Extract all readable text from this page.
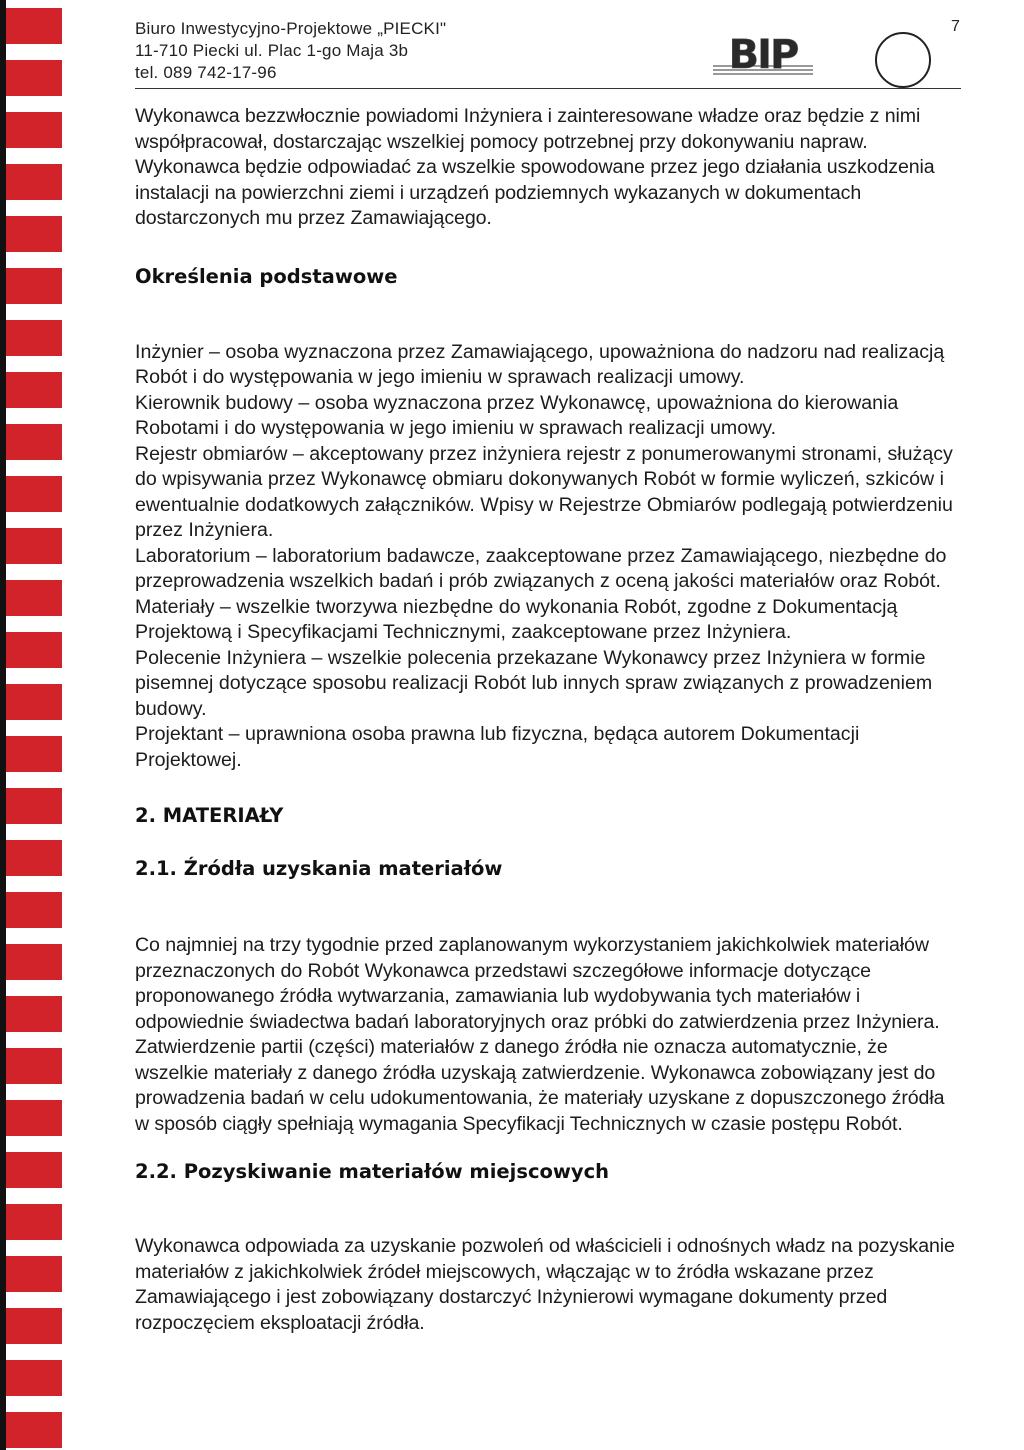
Biuro Inwestycyjno-Projektowe „PIECKI"
11-710 Piecki ul. Plac 1-go Maja 3b
tel. 089 742-17-96	BIP
7

Wykonawca bezzwłocznie powiadomi Inżyniera i zainteresowane władze oraz będzie z nimi współpracował, dostarczając wszelkiej pomocy potrzebnej przy dokonywaniu napraw. Wykonawca będzie odpowiadać za wszelkie spowodowane przez jego działania uszkodzenia instalacji na powierzchni ziemi i urządzeń podziemnych wykazanych w dokumentach dostarczonych mu przez Zamawiającego.

Określenia podstawowe

Inżynier – osoba wyznaczona przez Zamawiającego, upoważniona do nadzoru nad realizacją Robót i do występowania w jego imieniu w sprawach realizacji umowy.

Kierownik budowy – osoba wyznaczona przez Wykonawcę, upoważniona do kierowania Robotami i do występowania w jego imieniu w sprawach realizacji umowy.

Rejestr obmiarów – akceptowany przez inżyniera rejestr z ponumerowanymi stronami, służący do wpisywania przez Wykonawcę obmiaru dokonywanych Robót w formie wyliczeń, szkiców i ewentualnie dodatkowych załączników. Wpisy w Rejestrze Obmiarów podlegają potwierdzeniu przez Inżyniera.

Laboratorium – laboratorium badawcze, zaakceptowane przez Zamawiającego, niezbędne do przeprowadzenia wszelkich badań i prób związanych z oceną jakości materiałów oraz Robót.

Materiały – wszelkie tworzywa niezbędne do wykonania Robót, zgodne z Dokumentacją Projektową i Specyfikacjami Technicznymi, zaakceptowane przez Inżyniera.

Polecenie Inżyniera – wszelkie polecenia przekazane Wykonawcy przez Inżyniera w formie pisemnej dotyczące sposobu realizacji Robót lub innych spraw związanych z prowadzeniem budowy.

Projektant – uprawniona osoba prawna lub fizyczna, będąca autorem Dokumentacji Projektowej.

2. MATERIAŁY
2.1. Źródła uzyskania materiałów

Co najmniej na trzy tygodnie przed zaplanowanym wykorzystaniem jakichkolwiek materiałów przeznaczonych do Robót Wykonawca przedstawi szczegółowe informacje dotyczące proponowanego źródła wytwarzania, zamawiania lub wydobywania tych materiałów i odpowiednie świadectwa badań laboratoryjnych oraz próbki do zatwierdzenia przez Inżyniera. Zatwierdzenie partii (części) materiałów z danego źródła nie oznacza automatycznie, że wszelkie materiały z danego źródła uzyskają zatwierdzenie. Wykonawca zobowiązany jest do prowadzenia badań w celu udokumentowania, że materiały uzyskane z dopuszczonego źródła w sposób ciągły spełniają wymagania Specyfikacji Technicznych w czasie postępu Robót.

2.2. Pozyskiwanie materiałów miejscowych

Wykonawca odpowiada za uzyskanie pozwoleń od właścicieli i odnośnych władz na pozyskanie materiałów z jakichkolwiek źródeł miejscowych, włączając w to źródła wskazane przez Zamawiającego i jest zobowiązany dostarczyć Inżynierowi wymagane dokumenty przed rozpoczęciem eksploatacji źródła.
